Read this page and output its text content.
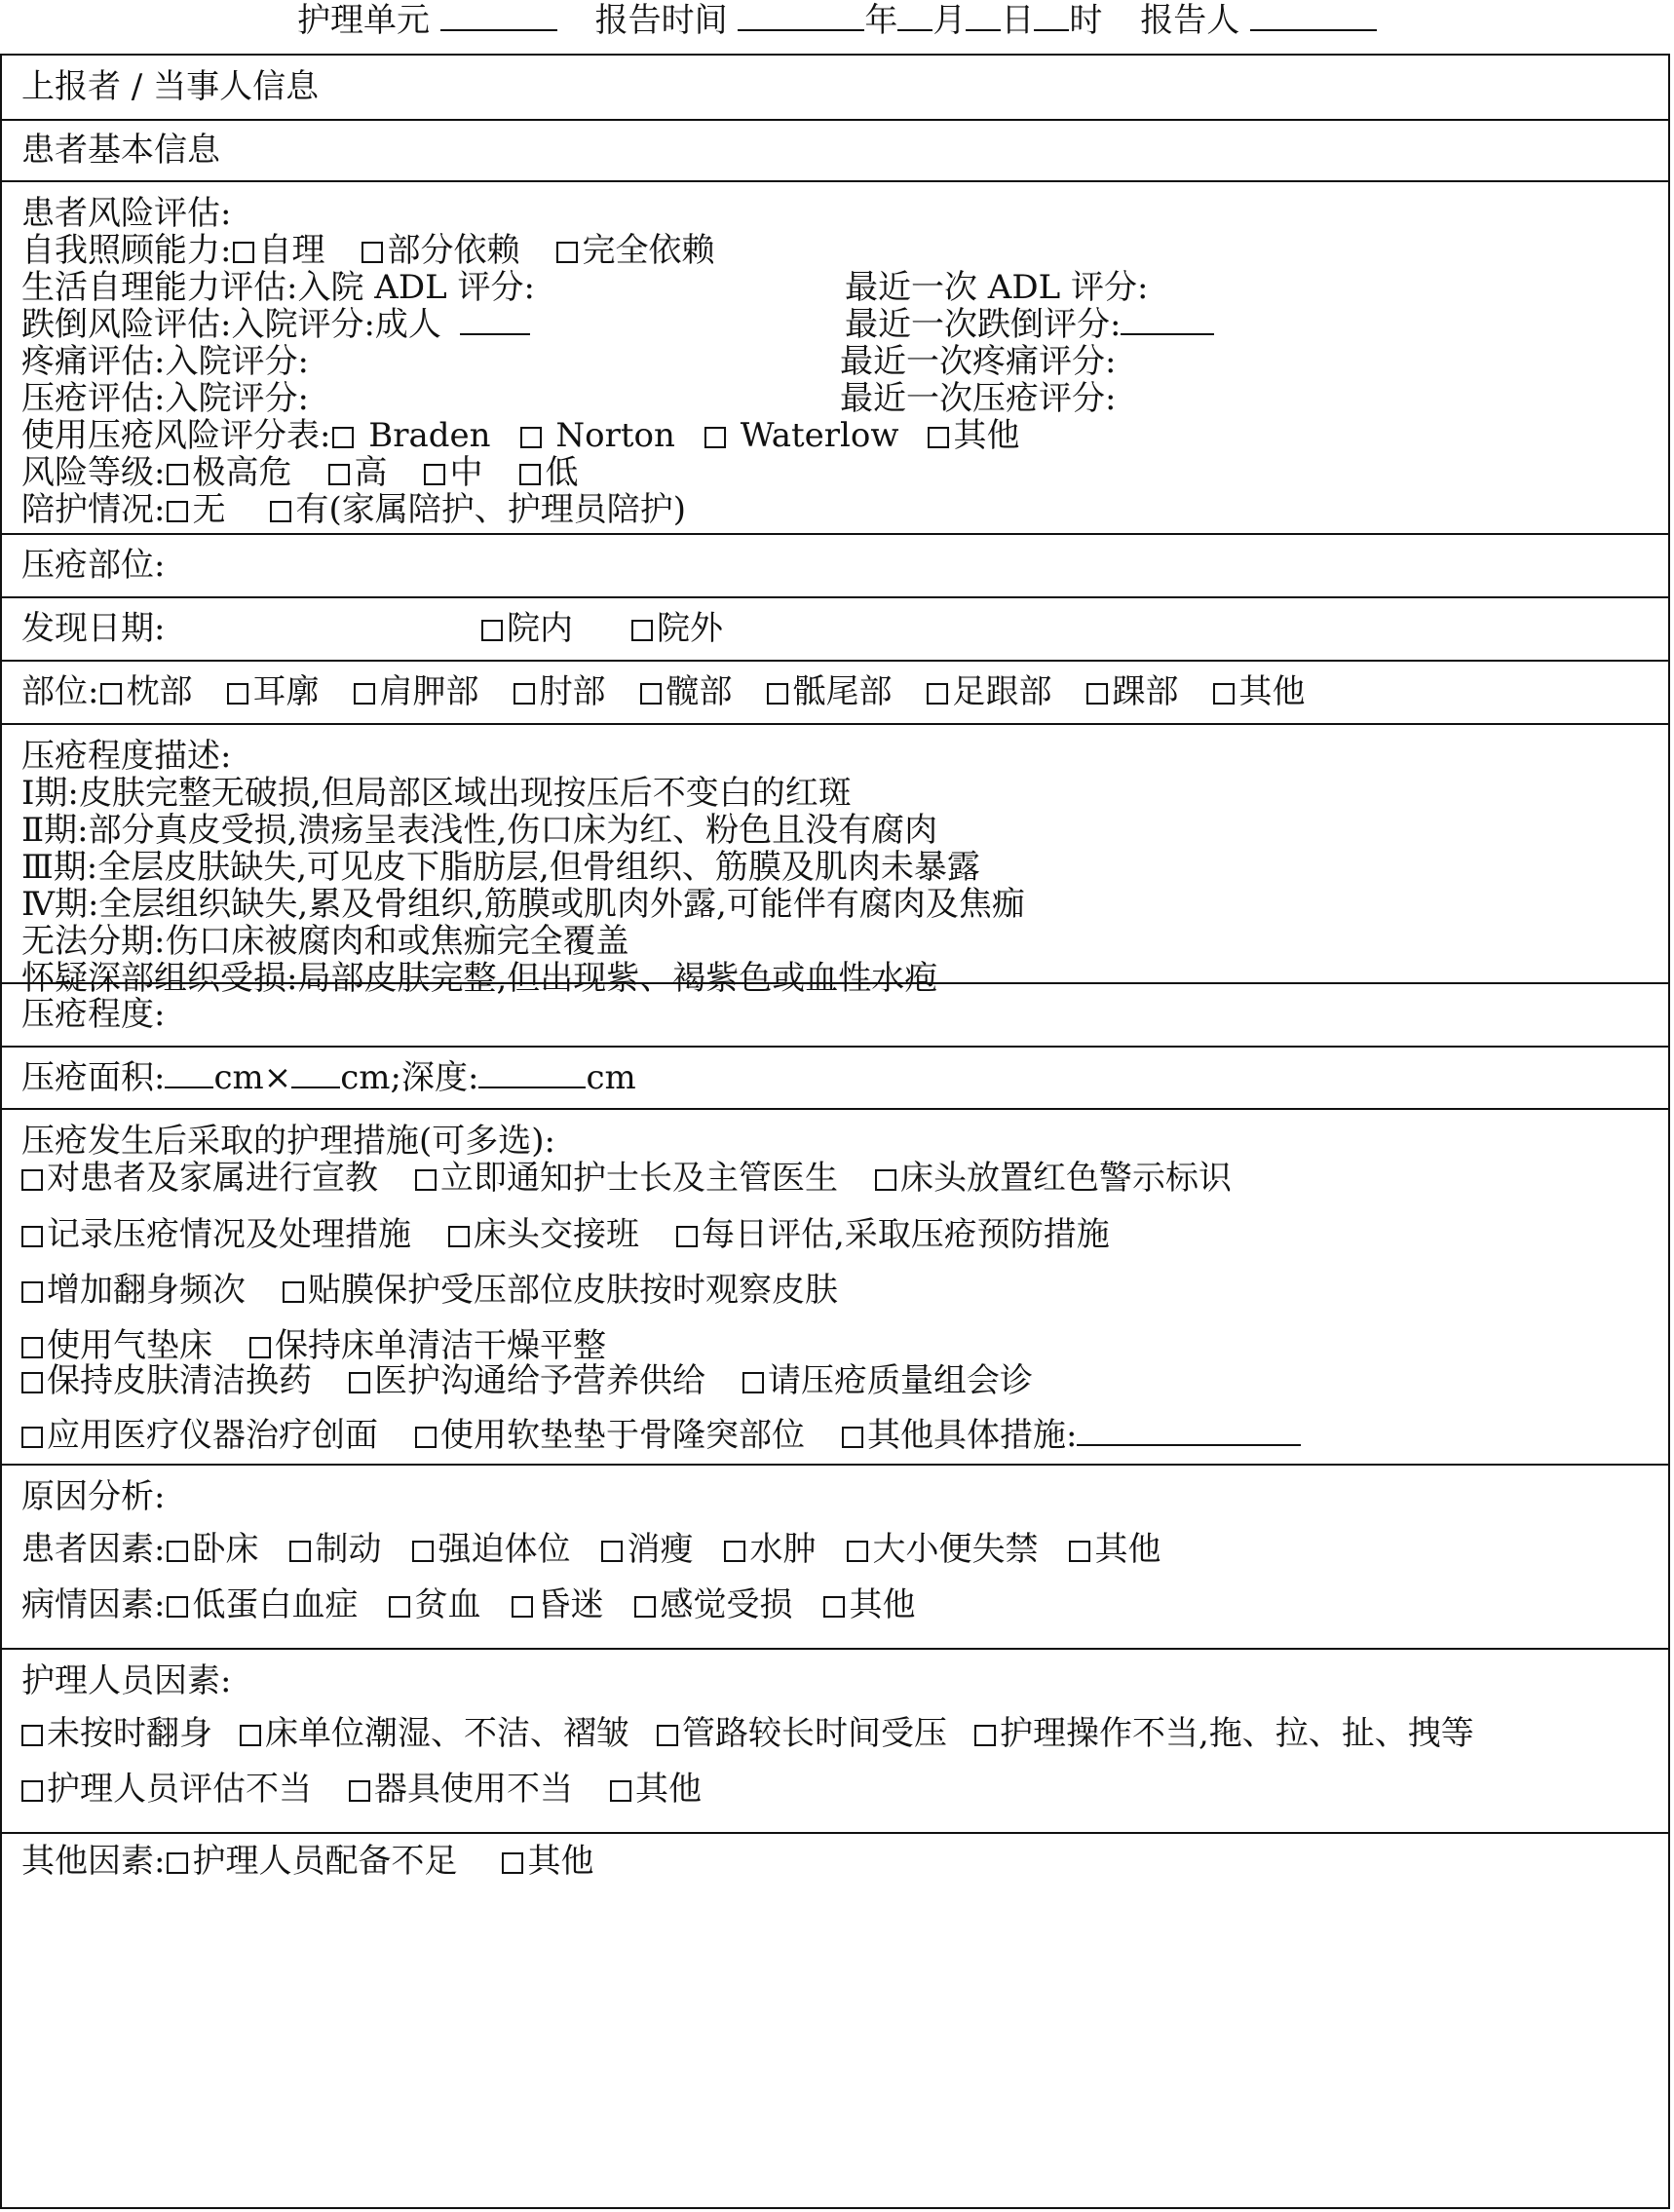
护理单元	报告时间	年 月 日 时 报告人
上报者 / 当事人信息
患者基本信息
患者风险评估:
自我照顾能力: 自理 部分依赖 完全依赖
生活自理能力评估:入院 ADL 评分:	最近一次 ADL 评分:
跌倒风险评估:入院评分:成人	最近一次跌倒评分:
疼痛评估:入院评分:	最近一次疼痛评分:
压疮评估:入院评分:	最近一次压疮评分:
使用压疮风险评分表: Braden Norton Waterlow 其他
风险等级: 极高危 高 中 低
陪护情况: 无 有(家属陪护、护理员陪护)
压疮部位:
发现日期:	院内	院外
部位: 枕部 耳廓 肩胛部 肘部 髋部 骶尾部 足跟部 踝部 其他
压疮程度描述:
Ⅰ期:皮肤完整无破损,但局部区域出现按压后不变白的红斑
Ⅱ期:部分真皮受损,溃疡呈表浅性,伤口床为红、粉色且没有腐肉
Ⅲ期:全层皮肤缺失,可见皮下脂肪层,但骨组织、筋膜及肌肉未暴露
Ⅳ期:全层组织缺失,累及骨组织,筋膜或肌肉外露,可能伴有腐肉及焦痂
无法分期:伤口床被腐肉和或焦痂完全覆盖
怀疑深部组织受损:局部皮肤完整,但出现紫、褐紫色或血性水疱
压疮程度:
压疮面积: cm× cm;深度:	cm
压疮发生后采取的护理措施(可多选):
对患者及家属进行宣教 立即通知护士长及主管医生 床头放置红色警示标识
记录压疮情况及处理措施 床头交接班 每日评估,采取压疮预防措施
增加翻身频次 贴膜保护受压部位皮肤按时观察皮肤
使用气垫床 保持床单清洁干燥平整
保持皮肤清洁换药 医护沟通给予营养供给 请压疮质量组会诊
应用医疗仪器治疗创面 使用软垫垫于骨隆突部位 其他具体措施:
原因分析:
患者因素: 卧床 制动 强迫体位 消瘦 水肿 大小便失禁 其他
病情因素: 低蛋白血症 贫血 昏迷 感觉受损 其他
护理人员因素:
未按时翻身 床单位潮湿、不洁、褶皱 管路较长时间受压 护理操作不当,拖、拉、扯、拽等
护理人员评估不当 器具使用不当 其他
其他因素: 护理人员配备不足 其他
